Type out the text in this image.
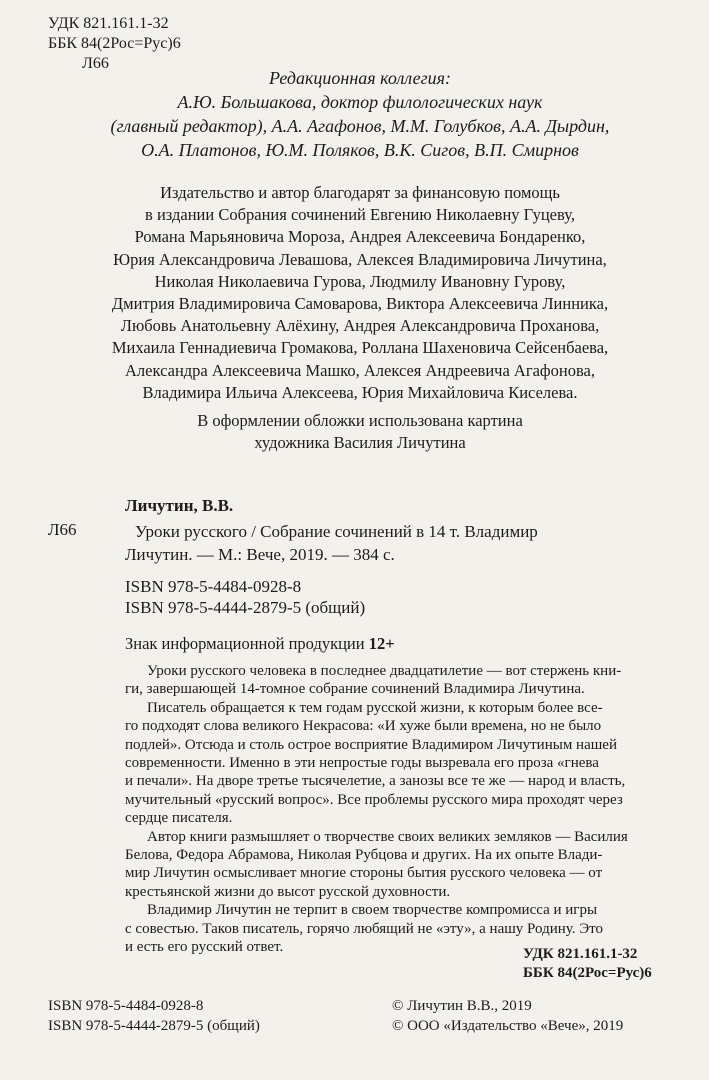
УДК 821.161.1-32
ББК 84(2Рос=Рус)6
Л66
Редакционная коллегия:
А.Ю. Большакова, доктор филологических наук
(главный редактор), А.А. Агафонов, М.М. Голубков, А.А. Дырдин,
О.А. Платонов, Ю.М. Поляков, В.К. Сигов, В.П. Смирнов
Издательство и автор благодарят за финансовую помощь
в издании Собрания сочинений Евгению Николаевну Гуцеву,
Романа Марьяновича Мороза, Андрея Алексеевича Бондаренко,
Юрия Александровича Левашова, Алексея Владимировича Личутина,
Николая Николаевича Гурова, Людмилу Ивановну Гурову,
Дмитрия Владимировича Самоварова, Виктора Алексеевича Линника,
Любовь Анатольевну Алёхину, Андрея Александровича Проханова,
Михаила Геннадиевича Громакова, Роллана Шахеновича Сейсенбаева,
Александра Алексеевича Машко, Алексея Андреевича Агафонова,
Владимира Ильича Алексеева, Юрия Михайловича Киселева.
В оформлении обложки использована картина
художника Василия Личутина
Личутин, В.В.
Л66	Уроки русского / Собрание сочинений в 14 т. Владимир
Личутин. — М.: Вече, 2019. — 384 с.
ISBN 978-5-4484-0928-8
ISBN 978-5-4444-2879-5 (общий)
Знак информационной продукции 12+

Уроки русского человека в последнее двадцатилетие — вот стержень кни-
ги, завершающей 14-томное собрание сочинений Владимира Личутина.

Писатель обращается к тем годам русской жизни, к которым более все-
го подходят слова великого Некрасова: «И хуже были времена, но не было
подлей». Отсюда и столь острое восприятие Владимиром Личутиным нашей
современности. Именно в эти непростые годы вызревала его проза «гнева
и печали». На дворе третье тысячелетие, а занозы все те же — народ и власть,
мучительный «русский вопрос». Все проблемы русского мира проходят через
сердце писателя.

Автор книги размышляет о творчестве своих великих земляков — Василия
Белова, Федора Абрамова, Николая Рубцова и других. На их опыте Влади-
мир Личутин осмысливает многие стороны бытия русского человека — от
крестьянской жизни до высот русской духовности.

Владимир Личутин не терпит в своем творчестве компромисса и игры
с совестью. Таков писатель, горячо любящий не «эту», а нашу Родину. Это
и есть его русский ответ.	УДК 821.161.1-32
ББК 84(2Рос=Рус)6
ISBN 978-5-4484-0928-8
ISBN 978-5-4444-2879-5 (общий)
© Личутин В.В., 2019
© ООО «Издательство «Вече», 2019
